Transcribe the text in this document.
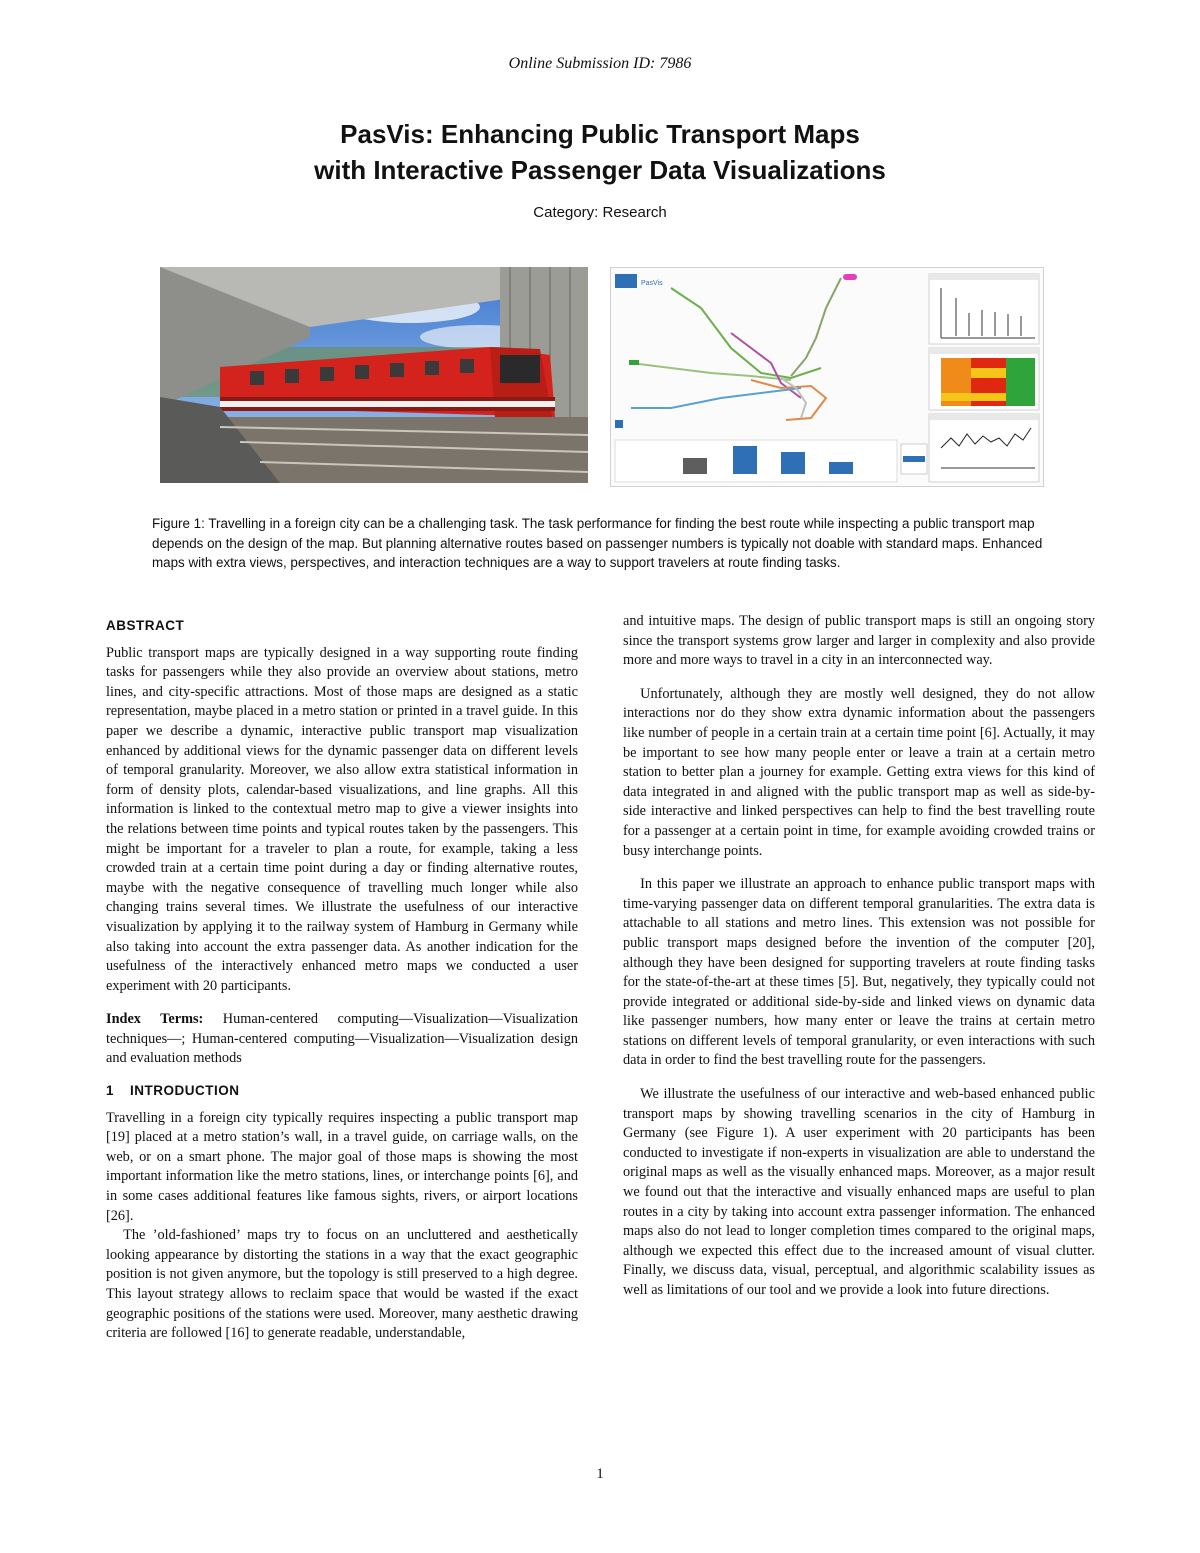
Online Submission ID: 7986
PasVis: Enhancing Public Transport Maps
with Interactive Passenger Data Visualizations
Category: Research
PasVis
Figure 1: Travelling in a foreign city can be a challenging task. The task performance for finding the best route while inspecting a public transport map depends on the design of the map. But planning alternative routes based on passenger numbers is typically not doable with standard maps. Enhanced maps with extra views, perspectives, and interaction techniques are a way to support travelers at route finding tasks.
ABSTRACT

Public transport maps are typically designed in a way supporting route finding tasks for passengers while they also provide an overview about stations, metro lines, and city-specific attractions. Most of those maps are designed as a static representation, maybe placed in a metro station or printed in a travel guide. In this paper we describe a dynamic, interactive public transport map visualization enhanced by additional views for the dynamic passenger data on different levels of temporal granularity. Moreover, we also allow extra statistical information in form of density plots, calendar-based visualizations, and line graphs. All this information is linked to the contextual metro map to give a viewer insights into the relations between time points and typical routes taken by the passengers. This might be important for a traveler to plan a route, for example, taking a less crowded train at a certain time point during a day or finding alternative routes, maybe with the negative consequence of travelling much longer while also changing trains several times. We illustrate the usefulness of our interactive visualization by applying it to the railway system of Hamburg in Germany while also taking into account the extra passenger data. As another indication for the usefulness of the interactively enhanced metro maps we conducted a user experiment with 20 participants.

Index Terms: Human-centered computing—Visualization—Visualization techniques—; Human-centered computing—Visualization—Visualization design and evaluation methods

1 INTRODUCTION

Travelling in a foreign city typically requires inspecting a public transport map [19] placed at a metro station’s wall, in a travel guide, on carriage walls, on the web, or on a smart phone. The major goal of those maps is showing the most important information like the metro stations, lines, or interchange points [6], and in some cases additional features like famous sights, rivers, or airport locations [26].

The ’old-fashioned’ maps try to focus on an uncluttered and aesthetically looking appearance by distorting the stations in a way that the exact geographic position is not given anymore, but the topology is still preserved to a high degree. This layout strategy allows to reclaim space that would be wasted if the exact geographic positions of the stations were used. Moreover, many aesthetic drawing criteria are followed [16] to generate readable, understandable,

and intuitive maps. The design of public transport maps is still an ongoing story since the transport systems grow larger and larger in complexity and also provide more and more ways to travel in a city in an interconnected way.

Unfortunately, although they are mostly well designed, they do not allow interactions nor do they show extra dynamic information about the passengers like number of people in a certain train at a certain time point [6]. Actually, it may be important to see how many people enter or leave a train at a certain metro station to better plan a journey for example. Getting extra views for this kind of data integrated in and aligned with the public transport map as well as side-by-side interactive and linked perspectives can help to find the best travelling route for a passenger at a certain point in time, for example avoiding crowded trains or busy interchange points.

In this paper we illustrate an approach to enhance public transport maps with time-varying passenger data on different temporal granularities. The extra data is attachable to all stations and metro lines. This extension was not possible for public transport maps designed before the invention of the computer [20], although they have been designed for supporting travelers at route finding tasks for the state-of-the-art at these times [5]. But, negatively, they typically could not provide integrated or additional side-by-side and linked views on dynamic data like passenger numbers, how many enter or leave the trains at certain metro stations on different levels of temporal granularity, or even interactions with such data in order to find the best travelling route for the passengers.

We illustrate the usefulness of our interactive and web-based enhanced public transport maps by showing travelling scenarios in the city of Hamburg in Germany (see Figure 1). A user experiment with 20 participants has been conducted to investigate if non-experts in visualization are able to understand the original maps as well as the visually enhanced maps. Moreover, as a major result we found out that the interactive and visually enhanced maps are useful to plan routes in a city by taking into account extra passenger information. The enhanced maps also do not lead to longer completion times compared to the original maps, although we expected this effect due to the increased amount of visual clutter. Finally, we discuss data, visual, perceptual, and algorithmic scalability issues as well as limitations of our tool and we provide a look into future directions.

1
